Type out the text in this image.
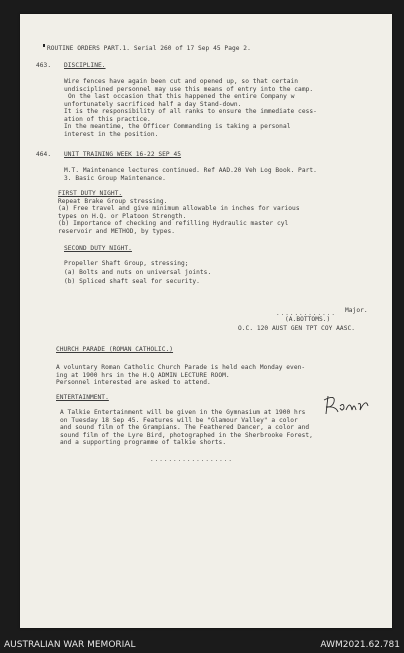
ROUTINE ORDERS PART.1. Serial 260 of 17 Sep 45 Page 2.
463. DISCIPLINE.
Wire fences have again been cut and opened up, so that certain
undisciplined personnel may use this means of entry into the camp.
On the last occasion that this happened the entire Company w
unfortunately sacrificed half a day Stand-down.
It is the responsibility of all ranks to ensure the immediate cess-
ation of this practice.
In the meantime, the Officer Commanding is taking a personal
interest in the position.
464. UNIT TRAINING WEEK 16-22 SEP 45
M.T. Maintenance lectures continued. Ref AAD.20 Veh Log Book. Part.
3. Basic Group Maintenance.
FIRST DUTY NIGHT.
Repeat Brake Group stressing.
(a) Free travel and give minimum allowable in inches for various
types on H.Q. or Platoon Strength.
(b) Importance of checking and refilling Hydraulic master cyl
reservoir and METHOD, by types.
SECOND DUTY NIGHT.
Propeller Shaft Group, stressing;
(a) Bolts and nuts on universal joints.
(b) Spliced shaft seal for security.
............. Major.
(A.BOTTOMS.)
O.C. 120 AUST GEN TPT COY AASC.
CHURCH PARADE (ROMAN CATHOLIC.)
A voluntary Roman Catholic Church Parade is held each Monday even-
ing at 1900 hrs in the H.Q ADMIN LECTURE ROOM.
Personnel interested are asked to attend.
ENTERTAINMENT.
A Talkie Entertainment will be given in the Gymnasium at 1900 hrs
on Tuesday 18 Sep 45. Features will be "Glamour Valley" a color
and sound film of the Grampians. The Feathered Dancer, a color and
sound film of the Lyre Bird, photographed in the Sherbrooke Forest,
and a supporting programme of talkie shorts.
..................
AUSTRALIAN WAR MEMORIAL	AWM2021.62.781
